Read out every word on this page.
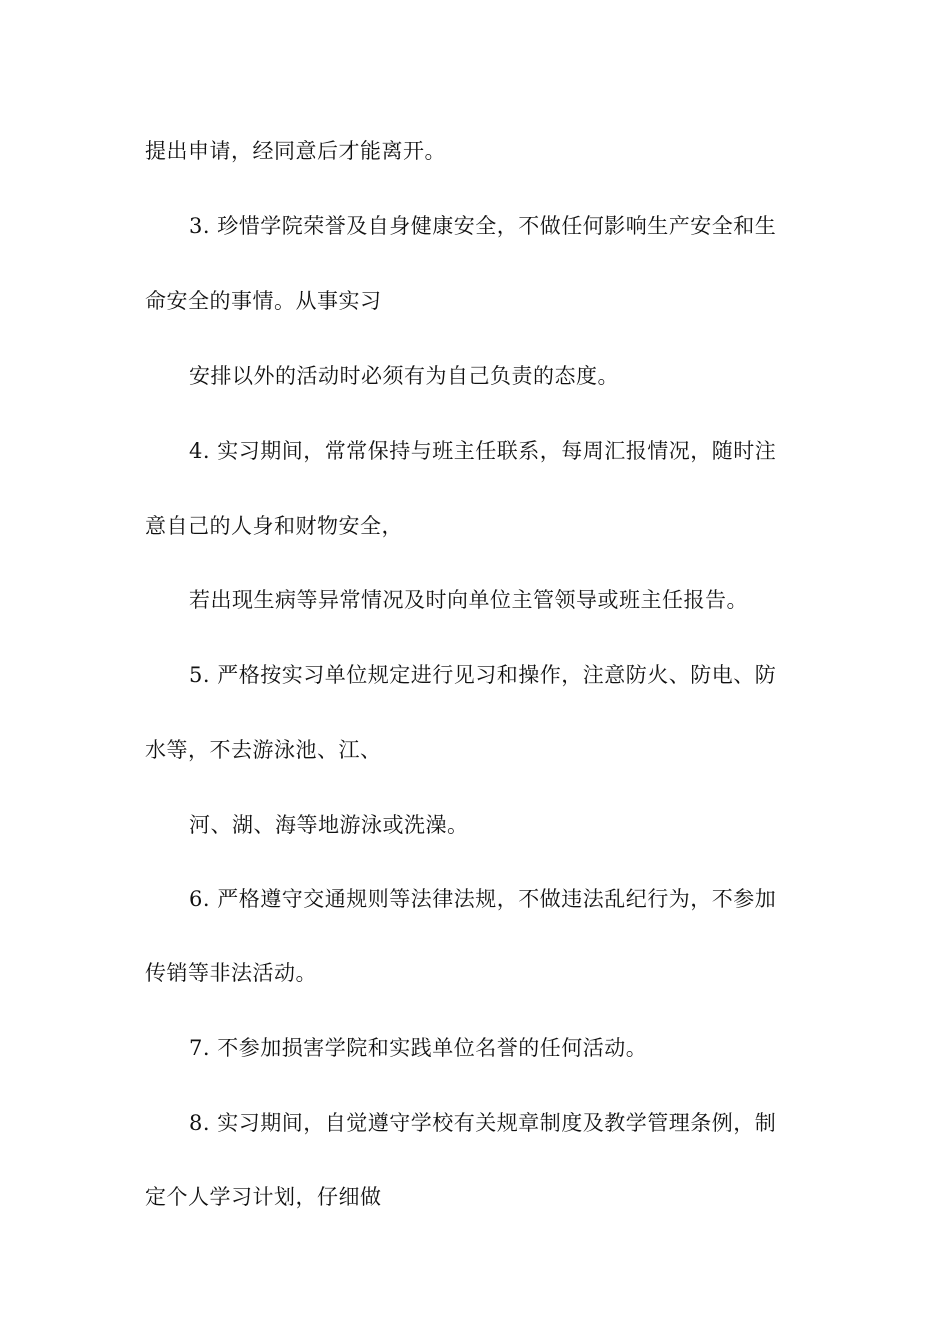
提出申请，经同意后才能离开。
3. 珍惜学院荣誉及自身健康安全，不做任何影响生产安全和生
命安全的事情。从事实习
安排以外的活动时必须有为自己负责的态度。
4. 实习期间，常常保持与班主任联系，每周汇报情况，随时注
意自己的人身和财物安全，
若出现生病等异常情况及时向单位主管领导或班主任报告。
5. 严格按实习单位规定进行见习和操作，注意防火、防电、防
水等，不去游泳池、江、
河、湖、海等地游泳或洗澡。
6. 严格遵守交通规则等法律法规，不做违法乱纪行为，不参加
传销等非法活动。
7. 不参加损害学院和实践单位名誉的任何活动。
8. 实习期间，自觉遵守学校有关规章制度及教学管理条例，制
定个人学习计划，仔细做
